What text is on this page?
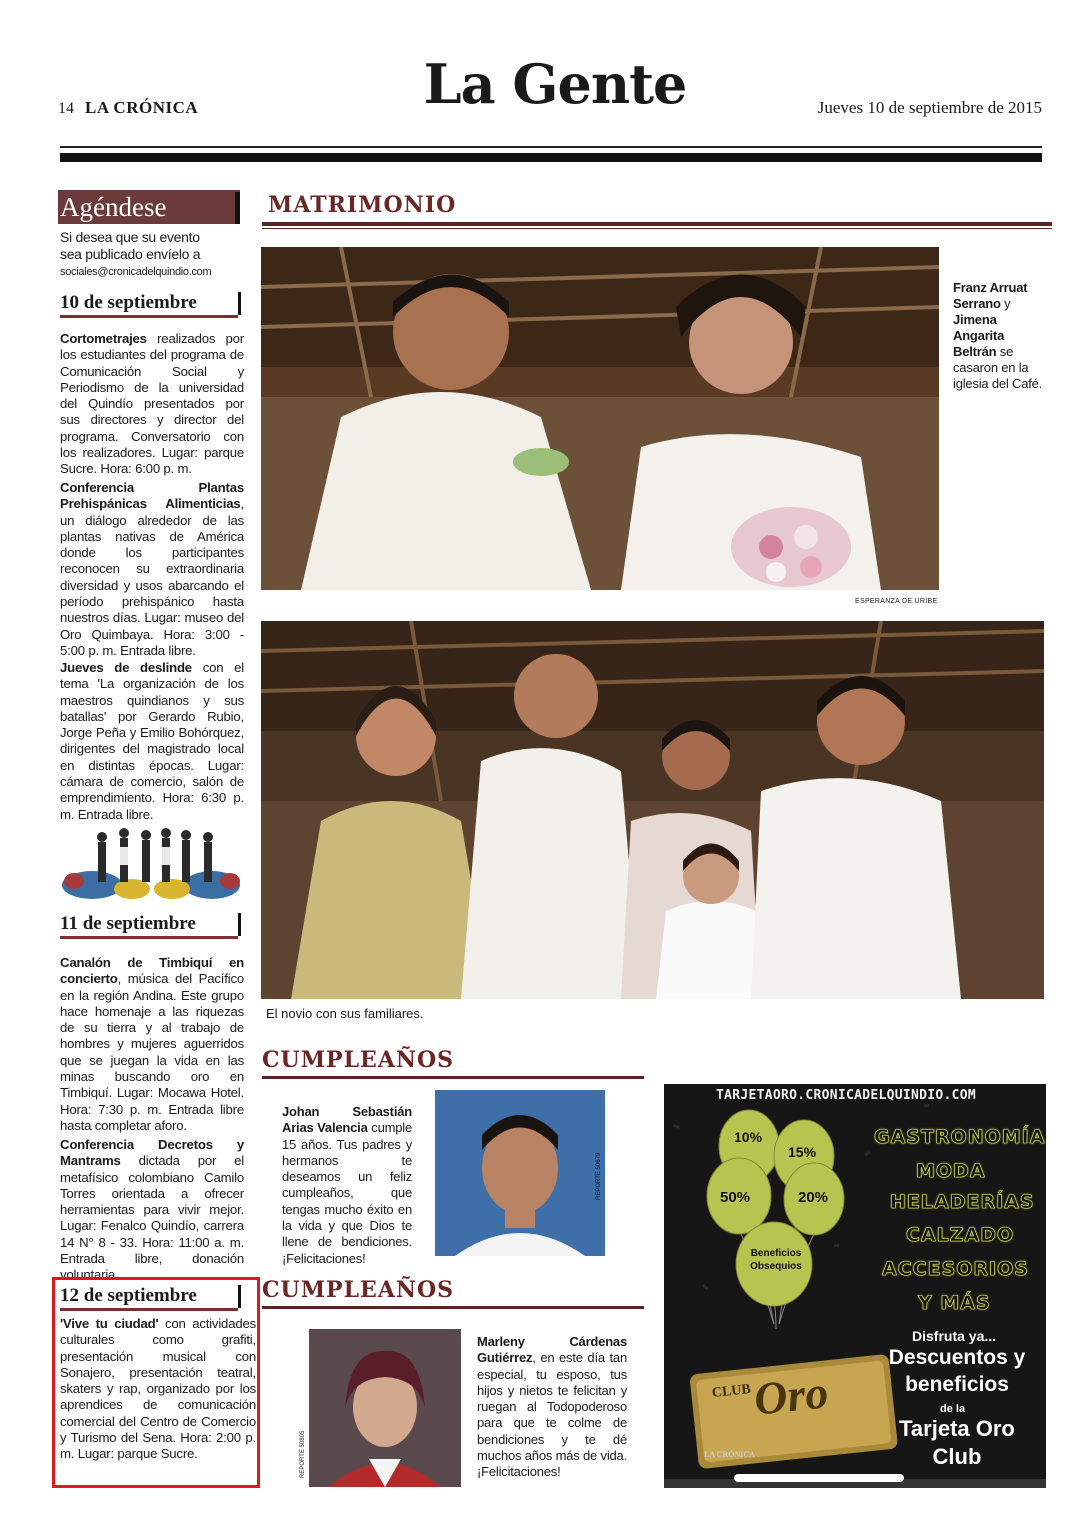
14 LA CRÓNICA	La Gente	Jueves 10 de septiembre de 2015
Agéndese
Si desea que su evento
sea publicado envíelo a
sociales@cronicadelquindio.com
10 de septiembre
Cortometrajes realizados por los estudiantes del programa de Comunicación Social y Periodismo de la universidad del Quindío presentados por sus directores y director del programa. Conversatorio con los realizadores. Lugar: parque Sucre. Hora: 6:00 p. m.
Conferencia Plantas Prehispánicas Alimenticias, un diálogo alrededor de las plantas nativas de América donde los participantes reconocen su extraordinaria diversidad y usos abarcando el período prehispánico hasta nuestros días. Lugar: museo del Oro Quimbaya. Hora: 3:00 - 5:00 p. m. Entrada libre.
Jueves de deslinde con el tema 'La organización de los maestros quindianos y sus batallas' por Gerardo Rubio, Jorge Peña y Emilio Bohórquez, dirigentes del magistrado local en distintas épocas. Lugar: cámara de comercio, salón de emprendimiento. Hora: 6:30 p. m. Entrada libre.
11 de septiembre
Canalón de Timbiquí en concierto, música del Pacífico en la región Andina. Este grupo hace homenaje a las riquezas de su tierra y al trabajo de hombres y mujeres aguerridos que se juegan la vida en las minas buscando oro en Timbiquí. Lugar: Mocawa Hotel. Hora: 7:30 p. m. Entrada libre hasta completar aforo.
Conferencia Decretos y Mantrams dictada por el metafísico colombiano Camilo Torres orientada a ofrecer herramientas para vivir mejor. Lugar: Fenalco Quindío, carrera 14 N° 8 - 33. Hora: 11:00 a. m. Entrada libre, donación voluntaria.
12 de septiembre
'Vive tu ciudad' con actividades culturales como grafiti, presentación musical con Sonajero, presentación teatral, skaters y rap, organizado por los aprendices de comunicación comercial del Centro de Comercio y Turismo del Sena. Hora: 2:00 p. m. Lugar: parque Sucre.
MATRIMONIO
ESPERANZA DE URIBE
Franz Arruat Serrano y Jimena Angarita Beltrán se casaron en la iglesia del Café.
El novio con sus familiares.
CUMPLEAÑOS
Johan Sebastián Arias Valencia cumple 15 años. Tus padres y hermanos te deseamos un feliz cumpleaños, que tengas mucho éxito en la vida y que Dios te llene de bendiciones. ¡Felicitaciones!
REPORTE 50679
CUMPLEAÑOS
REPORTE 50805
Marleny Cárdenas Gutiérrez, en este día tan especial, tu esposo, tus hijos y nietos te felicitan y ruegan al Todopoderoso para que te colme de bendiciones y te dé muchos años más de vida. ¡Felicitaciones!
10%
15%
50%	20%
Beneficios
Obsequios
CLUB Oro
LA CRÓNICA
GASTRONOMÍA
MODA
HELADERÍAS
CALZADO
ACCESORIOS
Y MÁS
TARJETAORO.CRONICADELQUINDIO.COM
Disfruta ya...
Descuentos y
beneficios
de la
Tarjeta Oro
Club
